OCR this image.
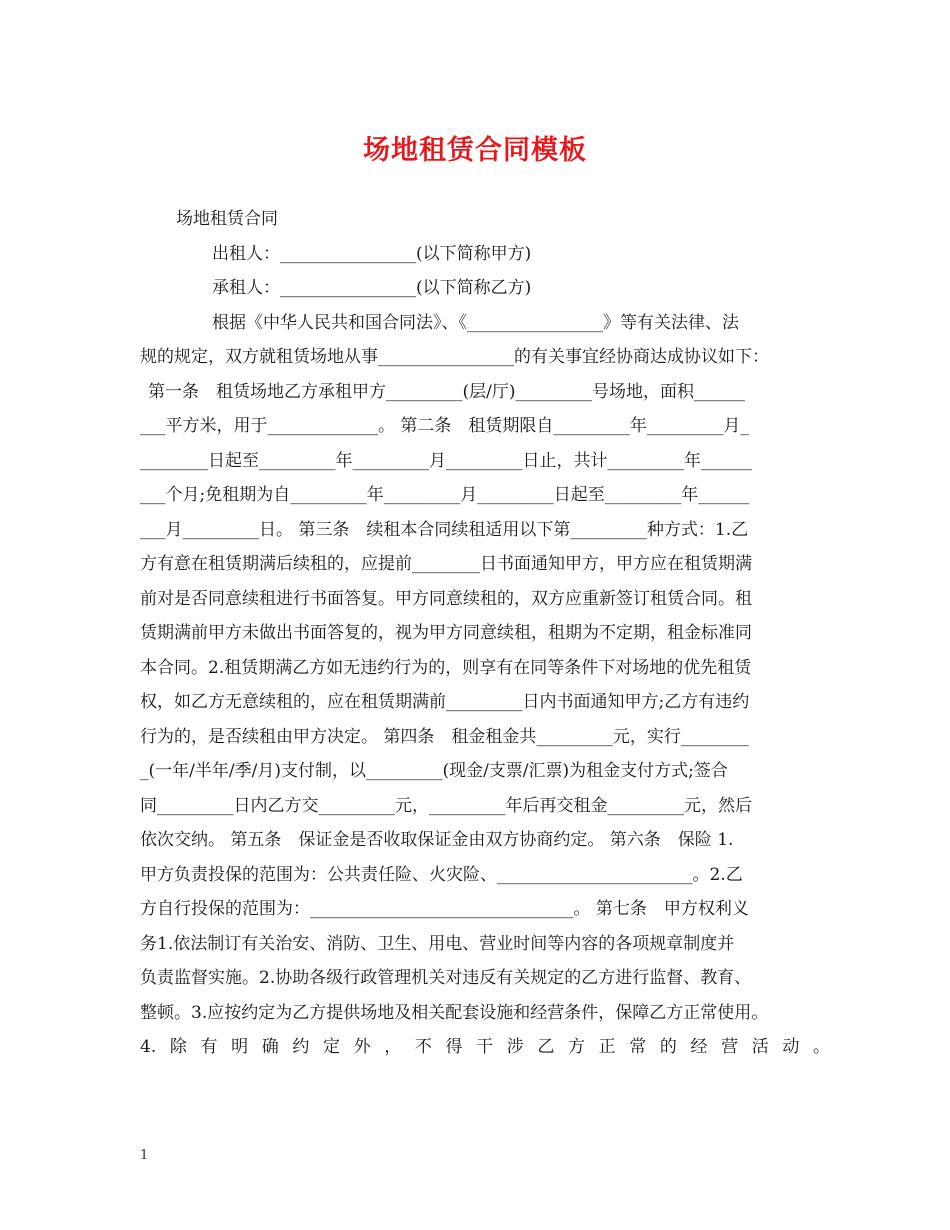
场地租赁合同模板
场地租赁合同
出租人：________________(以下简称甲方)
承租人：________________(以下简称乙方)
根据《中华人民共和国合同法》、《________________》等有关法律、法
规的规定，双方就租赁场地从事________________的有关事宜经协商达成协议如下：
第一条　租赁场地乙方承租甲方_________(层/厅)_________号场地，面积______
___平方米，用于_____________。 第二条　租赁期限自_________年_________月_
________日起至_________年_________月_________日止，共计_________年______
___个月;免租期为自_________年_________月_________日起至_________年______
___月_________日。 第三条　续租本合同续租适用以下第_________种方式：1.乙
方有意在租赁期满后续租的，应提前________日书面通知甲方，甲方应在租赁期满
前对是否同意续租进行书面答复。甲方同意续租的，双方应重新签订租赁合同。租
赁期满前甲方未做出书面答复的，视为甲方同意续租，租期为不定期，租金标准同
本合同。2.租赁期满乙方如无违约行为的，则享有在同等条件下对场地的优先租赁
权，如乙方无意续租的，应在租赁期满前_________日内书面通知甲方;乙方有违约
行为的，是否续租由甲方决定。 第四条　租金租金共_________元，实行________
_(一年/半年/季/月)支付制，以_________(现金/支票/汇票)为租金支付方式;签合
同_________日内乙方交_________元，_________年后再交租金_________元，然后
依次交纳。 第五条　保证金是否收取保证金由双方协商约定。 第六条　保险 1.
甲方负责投保的范围为：公共责任险、火灾险、_______________________。2.乙
方自行投保的范围为：_______________________________。 第七条　甲方权利义
务1.依法制订有关治安、消防、卫生、用电、营业时间等内容的各项规章制度并
负责监督实施。2.协助各级行政管理机关对违反有关规定的乙方进行监督、教育、
整顿。3.应按约定为乙方提供场地及相关配套设施和经营条件，保障乙方正常使用。
4. 除 有 明 确 约 定 外 ， 不 得 干 涉 乙 方 正 常 的 经 营 活 动 。
1
